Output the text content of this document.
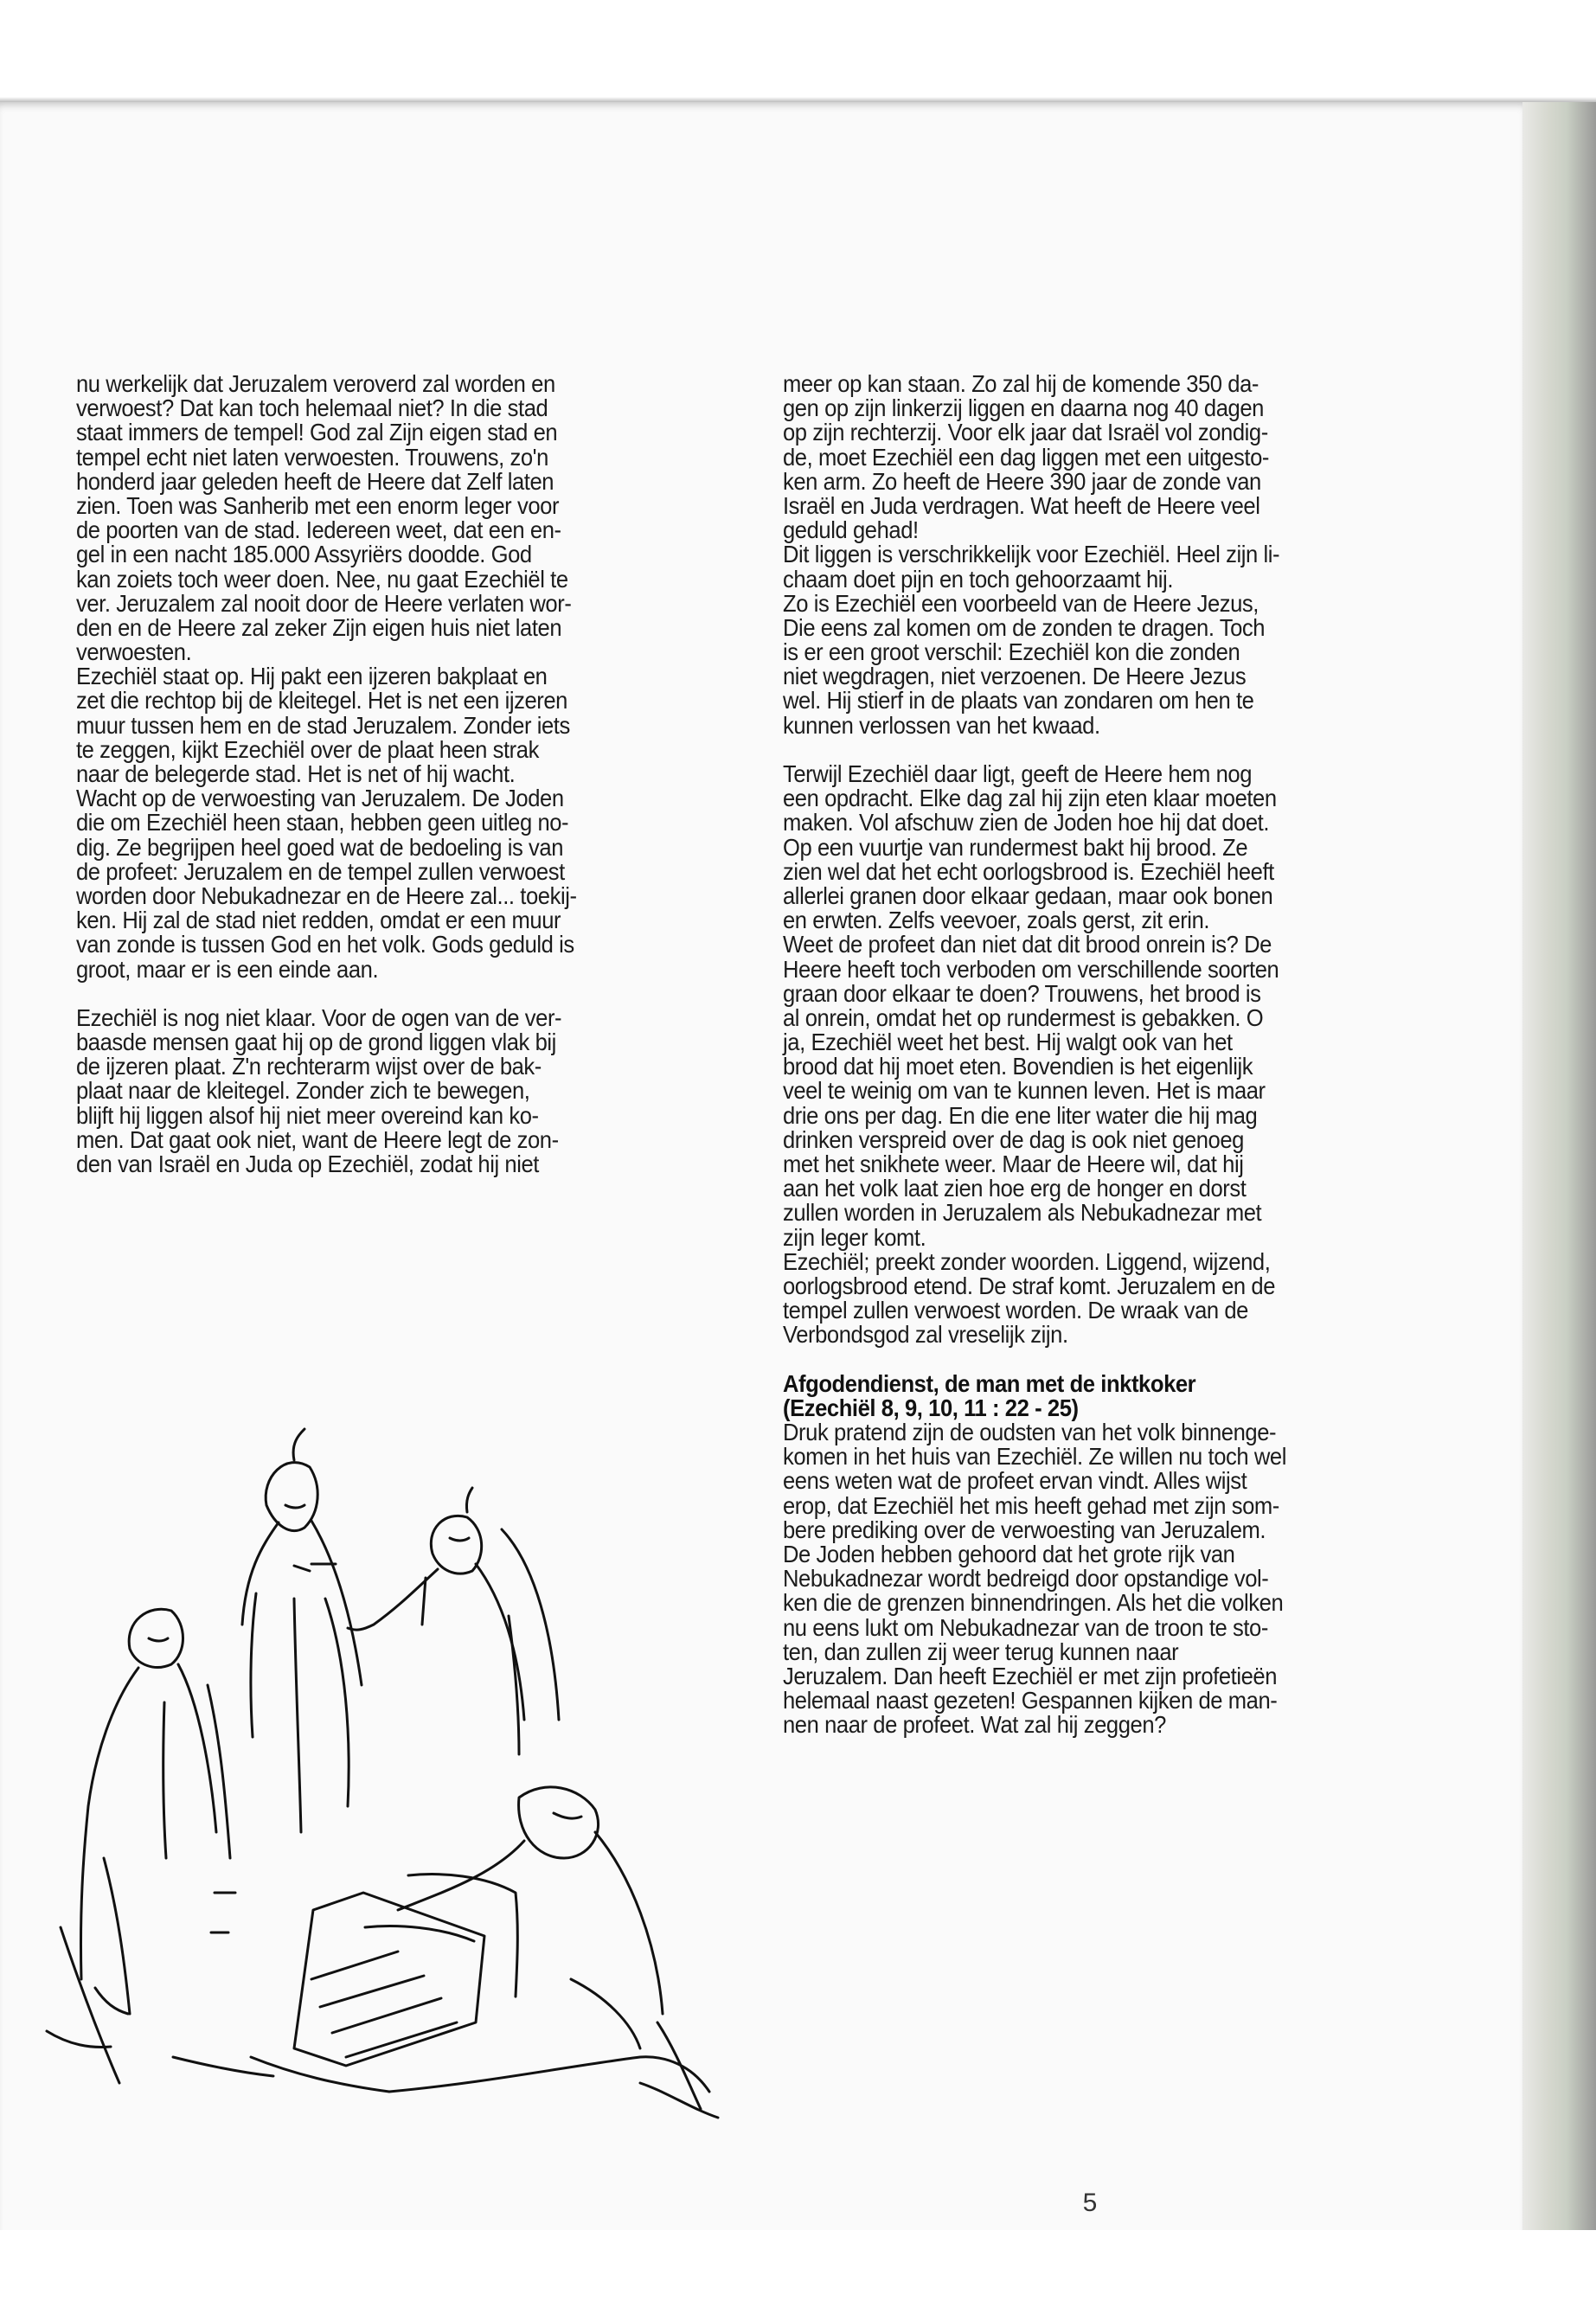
nu werkelijk dat Jeruzalem veroverd zal worden en
verwoest? Dat kan toch helemaal niet? In die stad
staat immers de tempel! God zal Zijn eigen stad en
tempel echt niet laten verwoesten. Trouwens, zo'n
honderd jaar geleden heeft de Heere dat Zelf laten
zien. Toen was Sanherib met een enorm leger voor
de poorten van de stad. Iedereen weet, dat een en-
gel in een nacht 185.000 Assyriërs doodde. God
kan zoiets toch weer doen. Nee, nu gaat Ezechiël te
ver. Jeruzalem zal nooit door de Heere verlaten wor-
den en de Heere zal zeker Zijn eigen huis niet laten
verwoesten.
Ezechiël staat op. Hij pakt een ijzeren bakplaat en
zet die rechtop bij de kleitegel. Het is net een ijzeren
muur tussen hem en de stad Jeruzalem. Zonder iets
te zeggen, kijkt Ezechiël over de plaat heen strak
naar de belegerde stad. Het is net of hij wacht.
Wacht op de verwoesting van Jeruzalem. De Joden
die om Ezechiël heen staan, hebben geen uitleg no-
dig. Ze begrijpen heel goed wat de bedoeling is van
de profeet: Jeruzalem en de tempel zullen verwoest
worden door Nebukadnezar en de Heere zal... toekij-
ken. Hij zal de stad niet redden, omdat er een muur
van zonde is tussen God en het volk. Gods geduld is
groot, maar er is een einde aan.
Ezechiël is nog niet klaar. Voor de ogen van de ver-
baasde mensen gaat hij op de grond liggen vlak bij
de ijzeren plaat. Z'n rechterarm wijst over de bak-
plaat naar de kleitegel. Zonder zich te bewegen,
blijft hij liggen alsof hij niet meer overeind kan ko-
men. Dat gaat ook niet, want de Heere legt de zon-
den van Israël en Juda op Ezechiël, zodat hij niet
meer op kan staan. Zo zal hij de komende 350 da-
gen op zijn linkerzij liggen en daarna nog 40 dagen
op zijn rechterzij. Voor elk jaar dat Israël vol zondig-
de, moet Ezechiël een dag liggen met een uitgesto-
ken arm. Zo heeft de Heere 390 jaar de zonde van
Israël en Juda verdragen. Wat heeft de Heere veel
geduld gehad!
Dit liggen is verschrikkelijk voor Ezechiël. Heel zijn li-
chaam doet pijn en toch gehoorzaamt hij.
Zo is Ezechiël een voorbeeld van de Heere Jezus,
Die eens zal komen om de zonden te dragen. Toch
is er een groot verschil: Ezechiël kon die zonden
niet wegdragen, niet verzoenen. De Heere Jezus
wel. Hij stierf in de plaats van zondaren om hen te
kunnen verlossen van het kwaad.
Terwijl Ezechiël daar ligt, geeft de Heere hem nog
een opdracht. Elke dag zal hij zijn eten klaar moeten
maken. Vol afschuw zien de Joden hoe hij dat doet.
Op een vuurtje van rundermest bakt hij brood. Ze
zien wel dat het echt oorlogsbrood is. Ezechiël heeft
allerlei granen door elkaar gedaan, maar ook bonen
en erwten. Zelfs veevoer, zoals gerst, zit erin.
Weet de profeet dan niet dat dit brood onrein is? De
Heere heeft toch verboden om verschillende soorten
graan door elkaar te doen? Trouwens, het brood is
al onrein, omdat het op rundermest is gebakken. O
ja, Ezechiël weet het best. Hij walgt ook van het
brood dat hij moet eten. Bovendien is het eigenlijk
veel te weinig om van te kunnen leven. Het is maar
drie ons per dag. En die ene liter water die hij mag
drinken verspreid over de dag is ook niet genoeg
met het snikhete weer. Maar de Heere wil, dat hij
aan het volk laat zien hoe erg de honger en dorst
zullen worden in Jeruzalem als Nebukadnezar met
zijn leger komt.
Ezechiël; preekt zonder woorden. Liggend, wijzend,
oorlogsbrood etend. De straf komt. Jeruzalem en de
tempel zullen verwoest worden. De wraak van de
Verbondsgod zal vreselijk zijn.
Afgodendienst, de man met de inktkoker
(Ezechiël 8, 9, 10, 11 : 22 - 25)
Druk pratend zijn de oudsten van het volk binnenge-
komen in het huis van Ezechiël. Ze willen nu toch wel
eens weten wat de profeet ervan vindt. Alles wijst
erop, dat Ezechiël het mis heeft gehad met zijn som-
bere prediking over de verwoesting van Jeruzalem.
De Joden hebben gehoord dat het grote rijk van
Nebukadnezar wordt bedreigd door opstandige vol-
ken die de grenzen binnendringen. Als het die volken
nu eens lukt om Nebukadnezar van de troon te sto-
ten, dan zullen zij weer terug kunnen naar
Jeruzalem. Dan heeft Ezechiël er met zijn profetieën
helemaal naast gezeten! Gespannen kijken de man-
nen naar de profeet. Wat zal hij zeggen?
5
